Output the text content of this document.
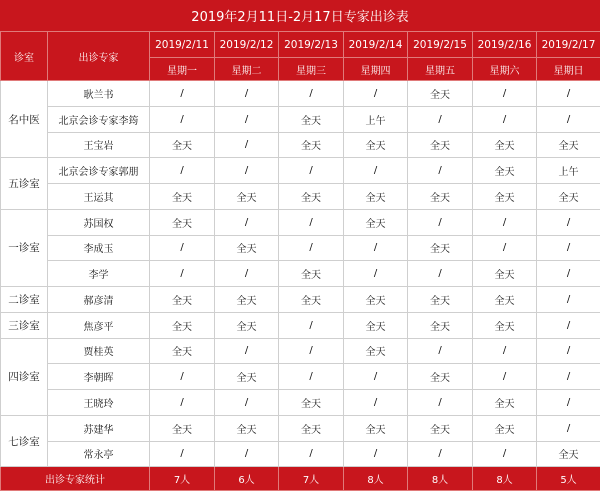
2019年2月11日-2月17日专家出诊表
诊室	出诊专家	2019/2/11	2019/2/12	2019/2/13	2019/2/14	2019/2/15	2019/2/16	2019/2/17
		星期一	星期二	星期三	星期四	星期五	星期六	星期日
名中医	耿兰书	/	/	/	/	全天	/	/
	北京会诊专家李筠	/	/	全天	上午	/	/	/
	王宝岩	全天	/	全天	全天	全天	全天	全天
五诊室	北京会诊专家郭朋	/	/	/	/	/	全天	上午
	王运其	全天	全天	全天	全天	全天	全天	全天
一诊室	苏国权	全天	/	/	全天	/	/	/
	李成玉	/	全天	/	/	全天	/	/
	李学	/	/	全天	/	/	全天	/
二诊室	郝彦清	全天	全天	全天	全天	全天	全天	/
三诊室	焦彦平	全天	全天	/	全天	全天	全天	/
四诊室	贾桂英	全天	/	/	全天	/	/	/
	李朝晖	/	全天	/	/	全天	/	/
	王晓玲	/	/	全天	/	/	全天	/
七诊室	苏建华	全天	全天	全天	全天	全天	全天	/
	常永亭	/	/	/	/	/	/	全天
出诊专家统计		7人	6人	7人	8人	8人	8人	5人
